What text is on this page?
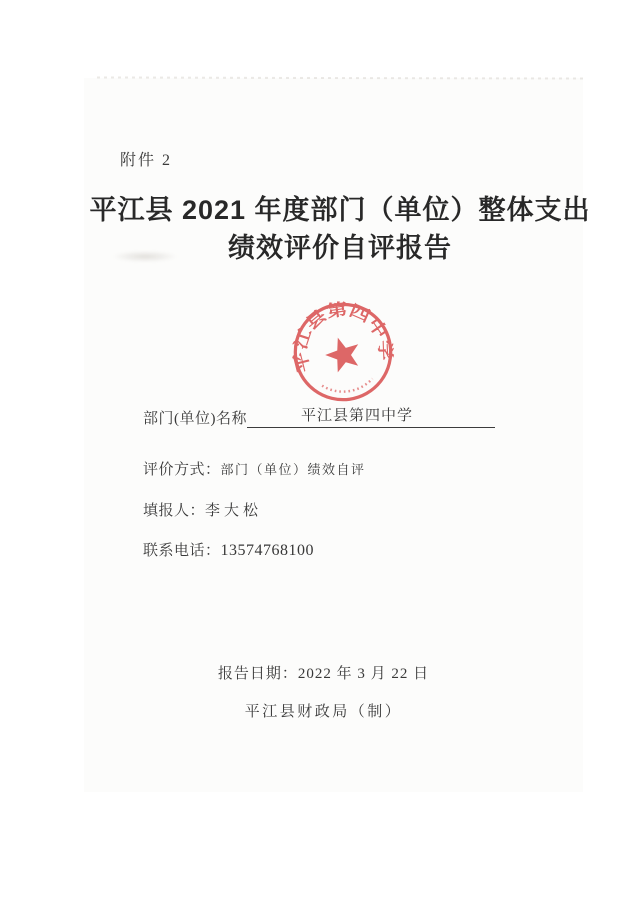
附件 2
平江县 2021 年度部门（单位）整体支出
绩效评价自评报告
平江县第四中学
部门(单位)名称	平江县第四中学
评价方式：部门（单位）绩效自评
填报人：李大松
联系电话：13574768100
报告日期：2022 年 3 月 22 日
平江县财政局（制）
